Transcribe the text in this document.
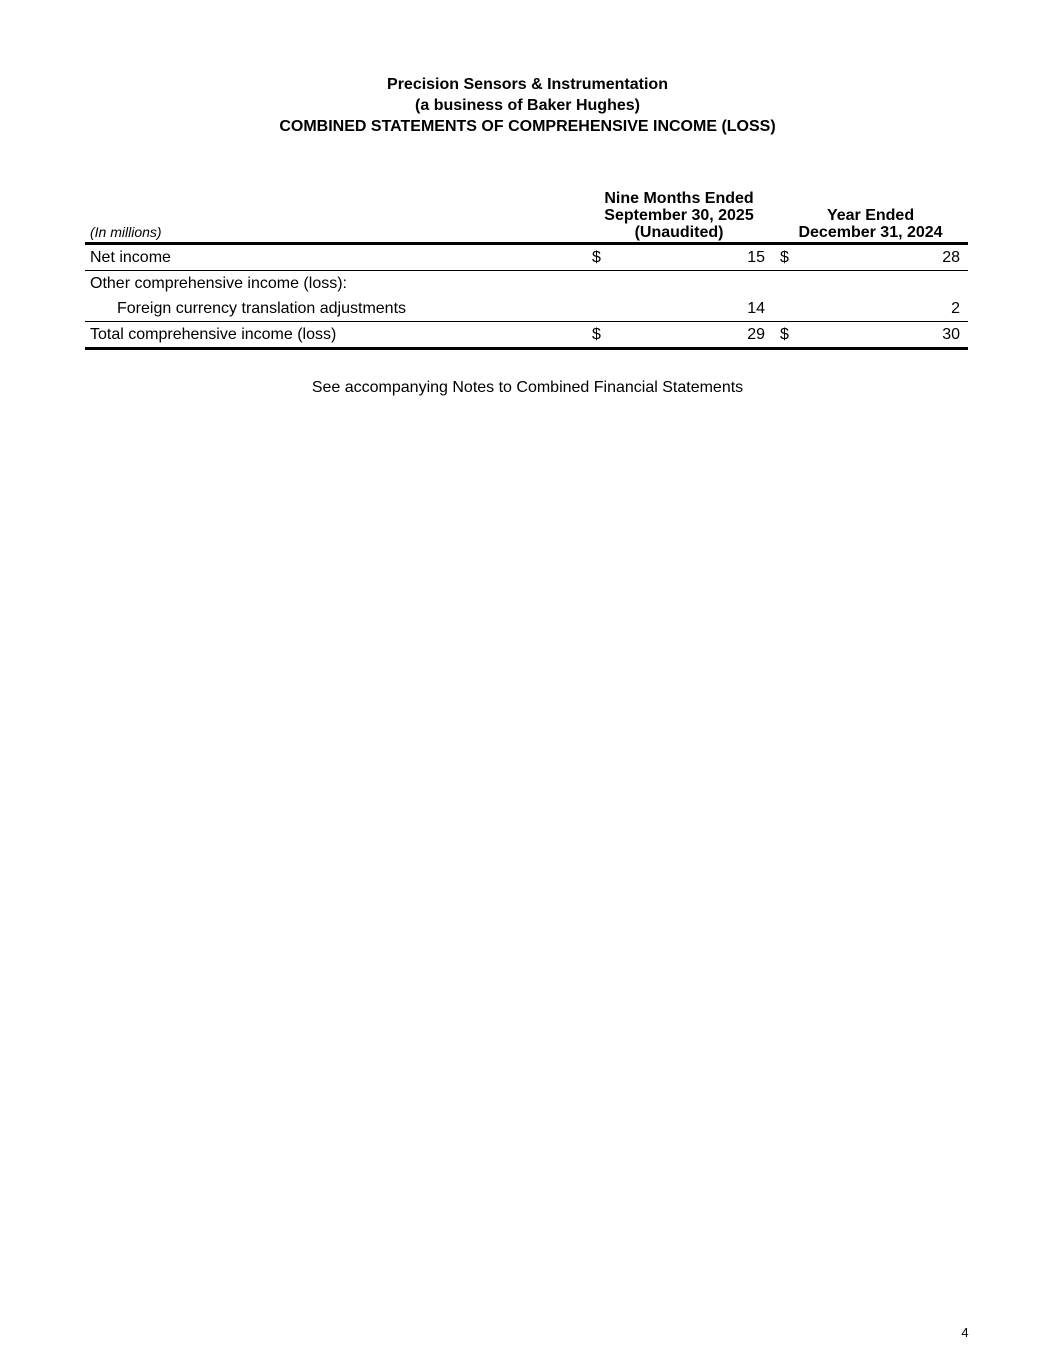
Precision Sensors & Instrumentation
(a business of Baker Hughes)
COMBINED STATEMENTS OF COMPREHENSIVE INCOME (LOSS)
(In millions)	Nine Months Ended
September 30, 2025
(Unaudited)		Year Ended
December 31, 2024	

Net income	$	15	$	28
Other comprehensive income (loss):				
Foreign currency translation adjustments		14		2
Total comprehensive income (loss)	$	29	$	30
See accompanying Notes to Combined Financial Statements
4
